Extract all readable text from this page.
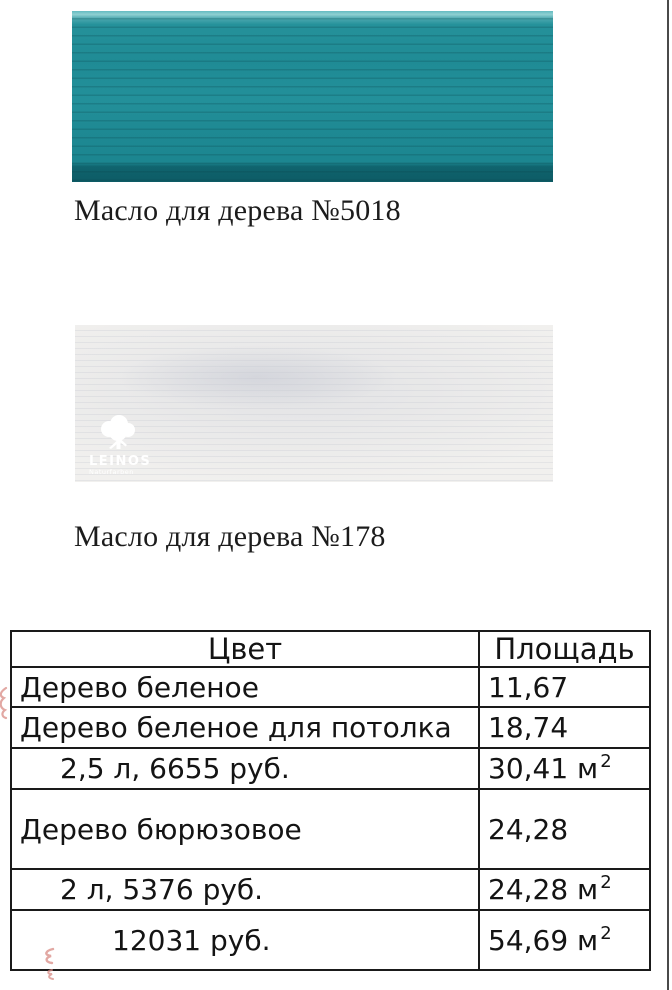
Масло для дерева №5018
LEINOS
Naturfarben
Масло для дерева №178
Цвет	Площадь
Дерево беленое	11,67
Дерево беленое для потолка	18,74
2,5 л, 6655 руб.	30,41 м 2
Дерево бюрюзовое	24,28
2 л, 5376 руб.	24,28 м 2
12031 руб.	54,69 м 2
